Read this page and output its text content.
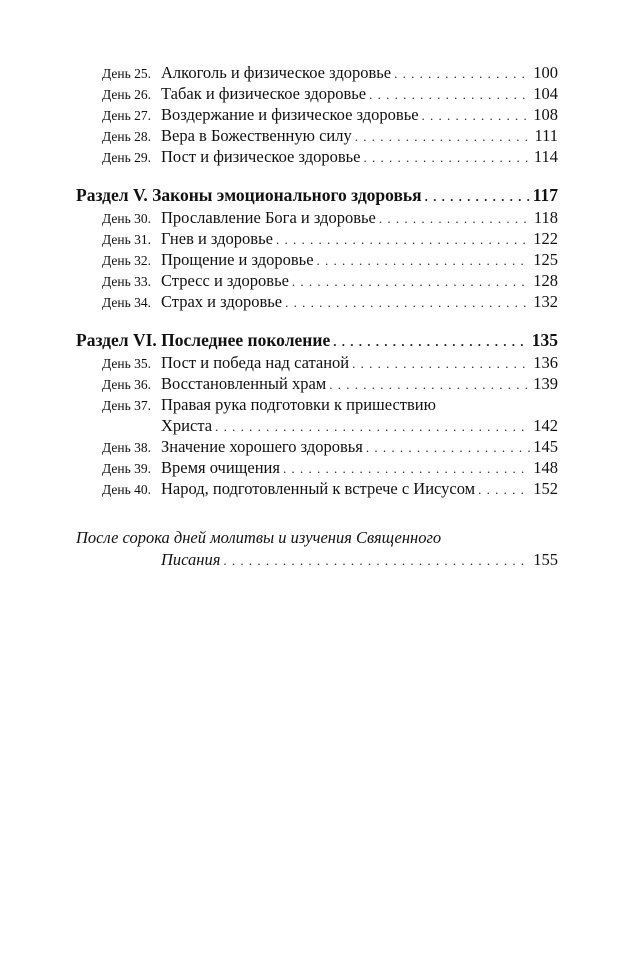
День 25. Алкоголь и физическое здоровье . . .	100
День 26. Табак и физическое здоровье . . .	104
День 27. Воздержание и физическое здоровье . . .	108
День 28. Вера в Божественную силу . . .	111
День 29. Пост и физическое здоровье . . .	114
Раздел V. Законы эмоционального здоровья . . .	117
День 30. Прославление Бога и здоровье . . .	118
День 31. Гнев и здоровье . . .	122
День 32. Прощение и здоровье . . .	125
День 33. Стресс и здоровье . . .	128
День 34. Страх и здоровье . . .	132
Раздел VI. Последнее поколение . . .	135
День 35. Пост и победа над сатаной . . .	136
День 36. Восстановленный храм . . .	139
День 37. Правая рука подготовки к пришествию
Христа . . .	142
День 38. Значение хорошего здоровья . . .	145
День 39. Время очищения . . .	148
День 40. Народ, подготовленный к встрече с Иисусом . . .	152
После сорока дней молитвы и изучения Священного
Писания . . .	155
